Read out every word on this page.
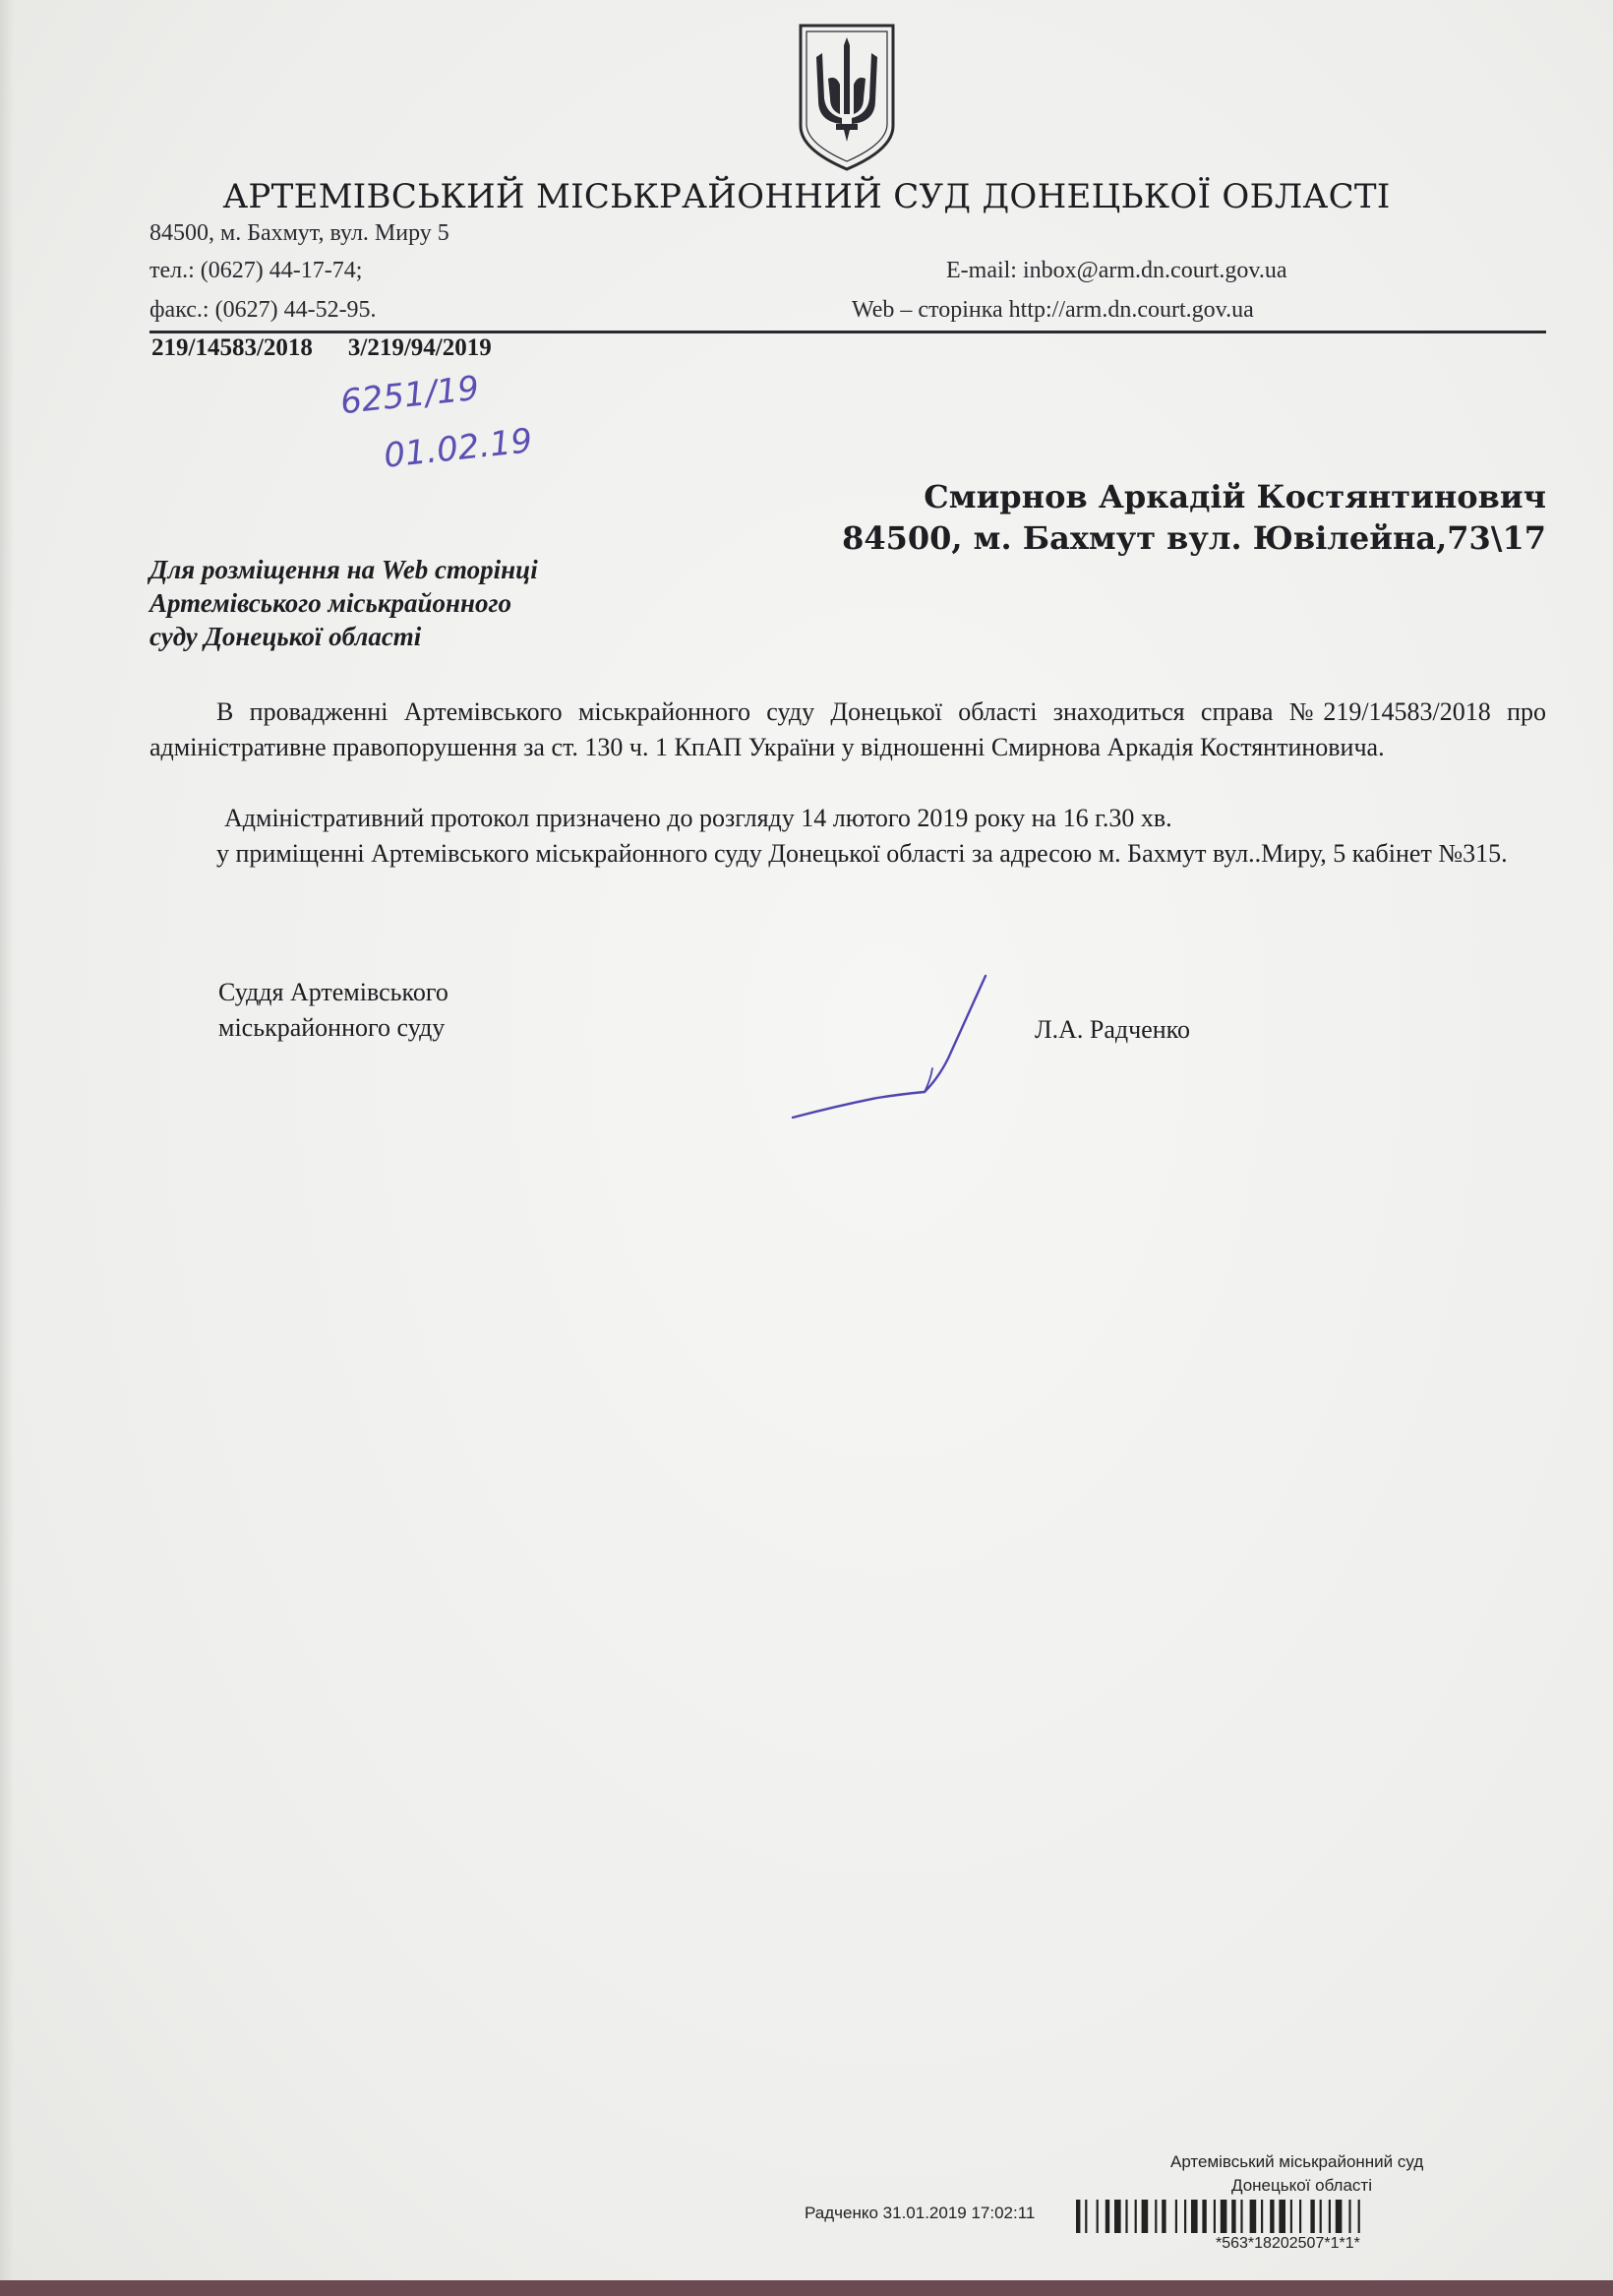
АРТЕМІВСЬКИЙ МІСЬКРАЙОННИЙ СУД ДОНЕЦЬКОЇ ОБЛАСТІ
84500, м. Бахмут, вул. Миру 5
тел.: (0627) 44-17-74;
факс.: (0627) 44-52-95.
E-mail: inbox@arm.dn.court.gov.ua
Web – сторінка http://arm.dn.court.gov.ua
219/14583/2018 3/219/94/2019
6251/19
01.02.19
Смирнов Аркадій Костянтинович
84500, м. Бахмут вул. Ювілейна,73\17
Для розміщення на Web сторінці
Артемівського міськрайонного
суду Донецької області
В провадженні Артемівського міськрайонного суду Донецької області знаходиться справа №219/14583/2018 про адміністративне правопорушення за ст. 130 ч. 1 КпАП України у відношенні Смирнова Аркадія Костянтиновича.
Адміністративний протокол призначено до розгляду 14 лютого 2019 року на 16 г.30 хв.
у приміщенні Артемівського міськрайонного суду Донецької області за адресою м. Бахмут вул..Миру, 5 кабінет №315.
Суддя Артемівського
міськрайонного суду	Л.А. Радченко
Артемівський міськрайонний суд
Донецької області
Радченко 31.01.2019 17:02:11
*563*18202507*1*1*
